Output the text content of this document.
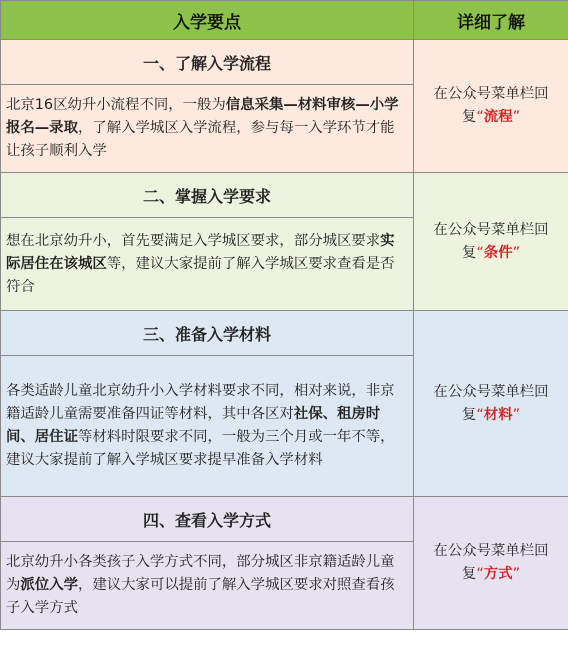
入学要点	详细了解
一、了解入学流程	在公众号菜单栏回复“流程”
北京16区幼升小流程不同，一般为信息采集—材料审核—小学报名—录取，了解入学城区入学流程，参与每一入学环节才能让孩子顺利入学	
二、掌握入学要求	在公众号菜单栏回复“条件”
想在北京幼升小，首先要满足入学城区要求，部分城区要求实际居住在该城区等，建议大家提前了解入学城区要求查看是否符合	
三、准备入学材料	在公众号菜单栏回复“材料”
各类适龄儿童北京幼升小入学材料要求不同，相对来说，非京籍适龄儿童需要准备四证等材料，其中各区对社保、租房时间、居住证等材料时限要求不同，一般为三个月或一年不等，建议大家提前了解入学城区要求提早准备入学材料	
四、查看入学方式	在公众号菜单栏回复“方式”
北京幼升小各类孩子入学方式不同，部分城区非京籍适龄儿童为派位入学，建议大家可以提前了解入学城区要求对照查看孩子入学方式	
